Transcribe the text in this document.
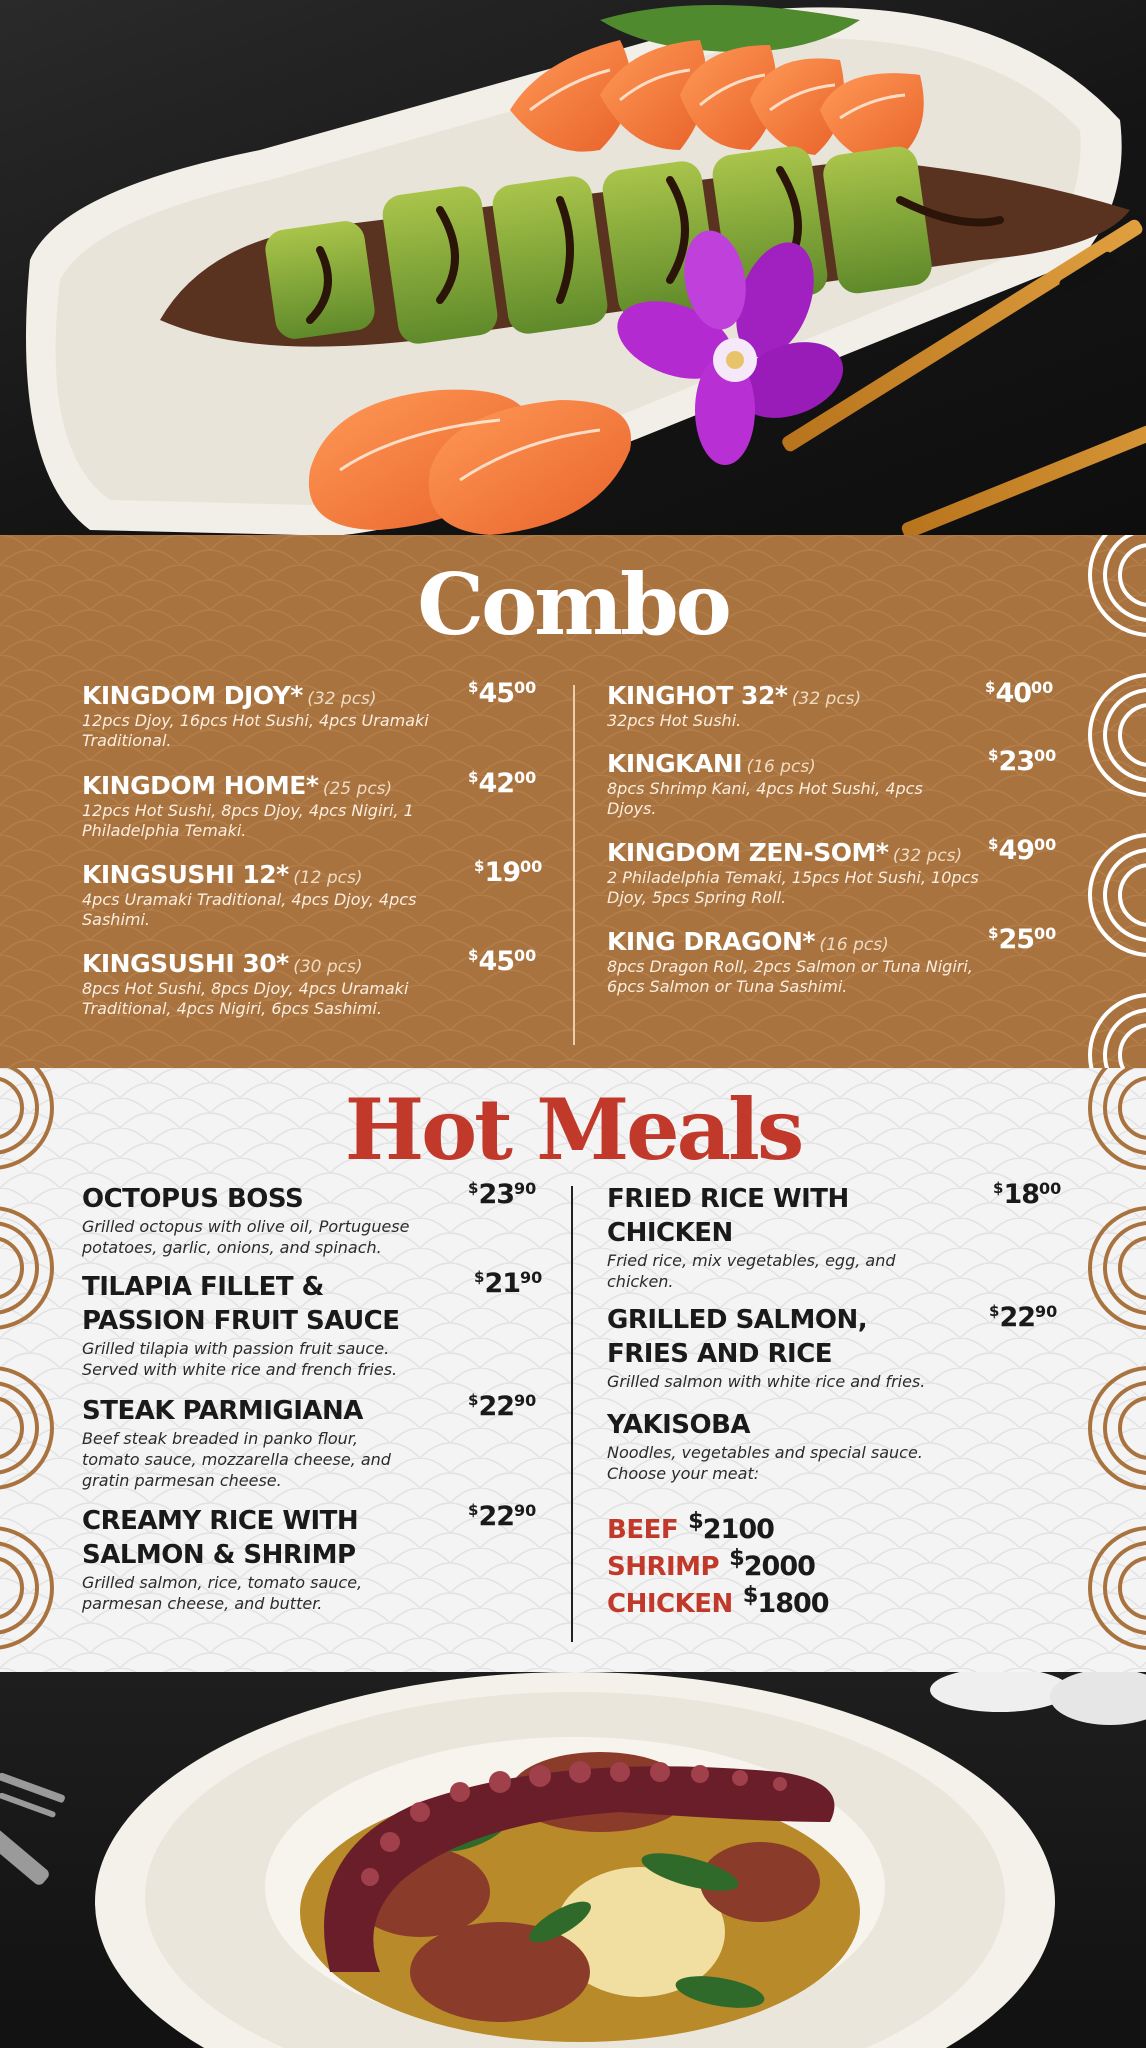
Combo
KINGDOM DJOY* (32 pcs)
12pcs Djoy, 16pcs Hot Sushi, 4pcs Uramaki
Traditional.
$^{\$}45^{00}$
KINGDOM HOME* (25 pcs)
12pcs Hot Sushi, 8pcs Djoy, 4pcs Nigiri, 1
Philadelphia Temaki.
$^{\$}42^{00}$
KINGSUSHI 12* (12 pcs)
4pcs Uramaki Traditional, 4pcs Djoy, 4pcs
Sashimi.
$^{\$}19^{00}$
KINGSUSHI 30* (30 pcs)
8pcs Hot Sushi, 8pcs Djoy, 4pcs Uramaki
Traditional, 4pcs Nigiri, 6pcs Sashimi.
$^{\$}45^{00}$
KINGHOT 32* (32 pcs)
32pcs Hot Sushi.
$^{\$}40^{00}$
KINGKANI (16 pcs)
8pcs Shrimp Kani, 4pcs Hot Sushi, 4pcs
Djoys.
$^{\$}23^{00}$
KINGDOM ZEN-SOM* (32 pcs)
2 Philadelphia Temaki, 15pcs Hot Sushi, 10pcs
Djoy, 5pcs Spring Roll.
$^{\$}49^{00}$
KING DRAGON* (16 pcs)
8pcs Dragon Roll, 2pcs Salmon or Tuna Nigiri,
6pcs Salmon or Tuna Sashimi.
$^{\$}25^{00}$
Hot Meals
OCTOPUS BOSS
Grilled octopus with olive oil, Portuguese
potatoes, garlic, onions, and spinach.
$^{\$}23^{90}$
TILAPIA FILLET &
PASSION FRUIT SAUCE
Grilled tilapia with passion fruit sauce.
Served with white rice and french fries.
$^{\$}21^{90}$
STEAK PARMIGIANA
Beef steak breaded in panko flour,
tomato sauce, mozzarella cheese, and
gratin parmesan cheese.
$^{\$}22^{90}$
CREAMY RICE WITH
SALMON & SHRIMP
Grilled salmon, rice, tomato sauce,
parmesan cheese, and butter.
$^{\$}22^{90}$
FRIED RICE WITH
CHICKEN
Fried rice, mix vegetables, egg, and
chicken.
$^{\$}18^{00}$
GRILLED SALMON,
FRIES AND RICE
Grilled salmon with white rice and fries.
$^{\$}22^{90}$
YAKISOBA
Noodles, vegetables and special sauce.
Choose your meat:
BEEF $2100
SHRIMP $2000
CHICKEN $1800
